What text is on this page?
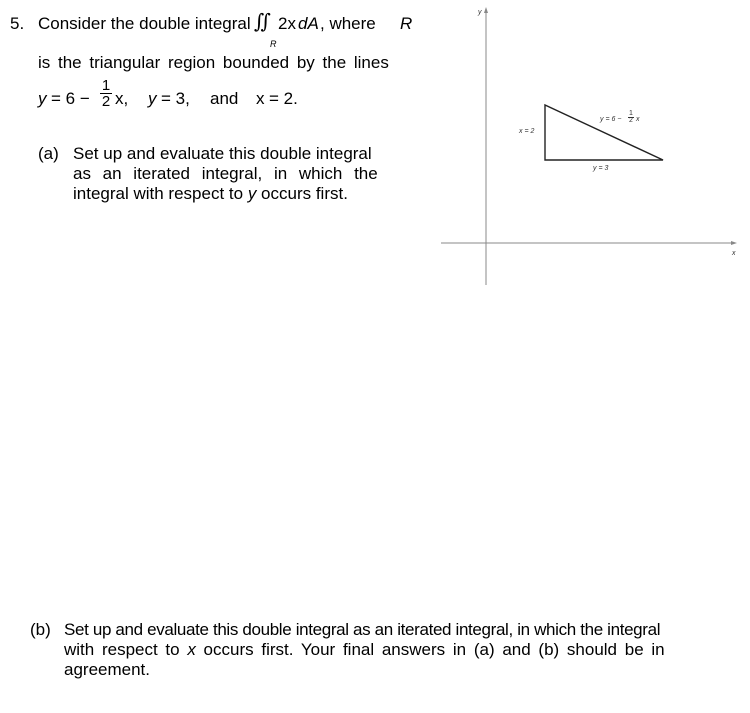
5. Consider the double integral ∬
R
2x dA , where R
is the triangular region bounded by the lines
$y = 6 - \frac{1}{2} x$, y = 3, and x = 2.
(a) Set up and evaluate this double integral
as an iterated integral, in which the
integral with respect to y occurs first.
y
x
x = 2
y = 3
$y = 6 - \frac{1}{2}$ x
(b) Set up and evaluate this double integral as an iterated integral, in which the integral
with respect to x occurs first. Your final answers in (a) and (b) should be in
agreement.
